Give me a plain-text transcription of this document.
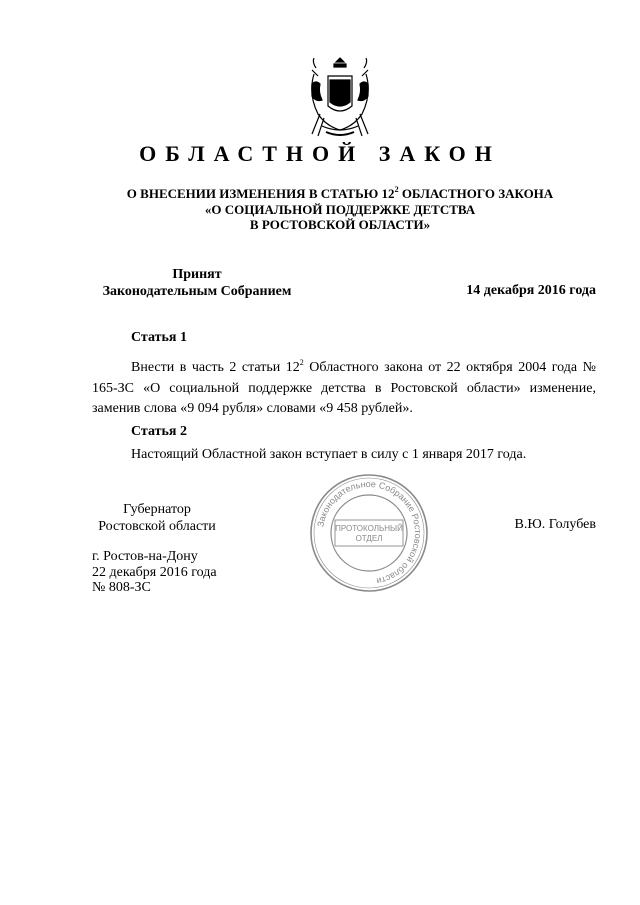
ОБЛАСТНОЙ ЗАКОН
О ВНЕСЕНИИ ИЗМЕНЕНИЯ В СТАТЬЮ $12^2$ ОБЛАСТНОГО ЗАКОНА
«О СОЦИАЛЬНОЙ ПОДДЕРЖКЕ ДЕТСТВА
В РОСТОВСКОЙ ОБЛАСТИ»
Принят
Законодательным Собранием	14 декабря 2016 года
Статья 1
Внести в часть 2 статьи $12^2$ Областного закона от 22 октября 2004 года № 165-ЗС «О социальной поддержке детства в Ростовской области» изменение, заменив слова «9 094 рубля» словами «9 458 рублей».
Статья 2
Настоящий Областной закон вступает в силу с 1 января 2017 года.
Губернатор
Ростовской области	Законодательное Собрание Ростовской области
ПРОТОКОЛЬНЫЙ
ОТДЕЛ
В.Ю. Голубев
г. Ростов-на-Дону
22 декабря 2016 года
№ 808-ЗС
